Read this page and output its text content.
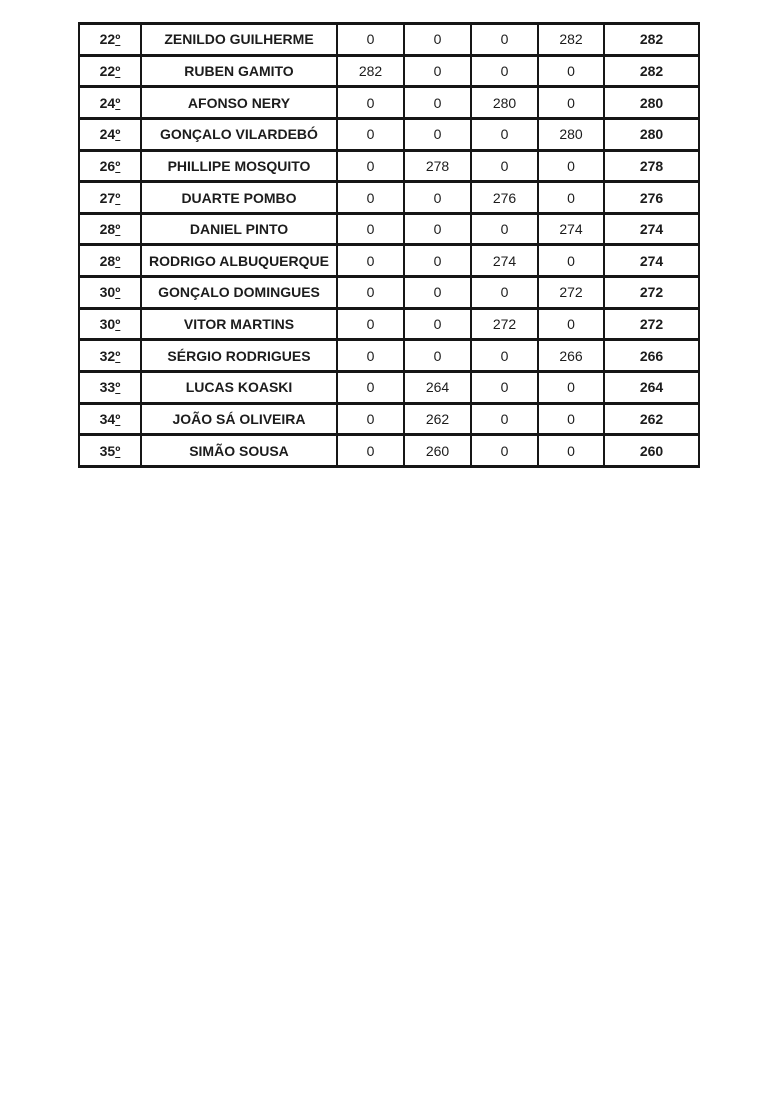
22º	ZENILDO GUILHERME	0	0	0	282	282
22º	RUBEN GAMITO	282	0	0	0	282
24º	AFONSO NERY	0	0	280	0	280
24º	GONÇALO VILARDEBÓ	0	0	0	280	280
26º	PHILLIPE MOSQUITO	0	278	0	0	278
27º	DUARTE POMBO	0	0	276	0	276
28º	DANIEL PINTO	0	0	0	274	274
28º	RODRIGO ALBUQUERQUE	0	0	274	0	274
30º	GONÇALO DOMINGUES	0	0	0	272	272
30º	VITOR MARTINS	0	0	272	0	272
32º	SÉRGIO RODRIGUES	0	0	0	266	266
33º	LUCAS KOASKI	0	264	0	0	264
34º	JOÃO SÁ OLIVEIRA	0	262	0	0	262
35º	SIMÃO SOUSA	0	260	0	0	260
